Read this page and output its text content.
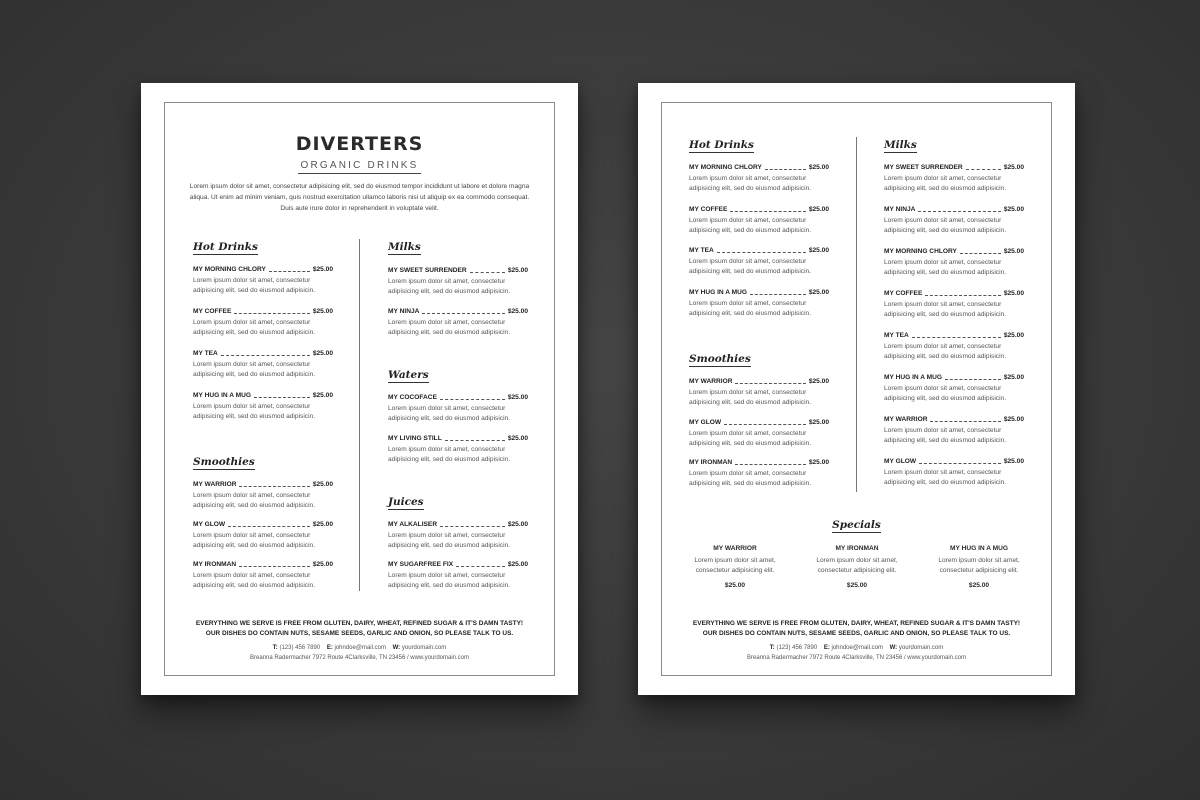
DIVERTERS
ORGANIC DRINKS
Lorem ipsum dolor sit amet, consectetur adipisicing elit, sed do eiusmod tempor incididunt ut labore et dolore magna aliqua. Ut enim ad minim veniam, quis nostrud exercitation ullamco laboris nisi ut aliquip ex ea commodo consequat. Duis aute irure dolor in reprehenderit in voluptate velit.
Hot Drinks
MY MORNING CHLORY	$25.00
Lorem ipsum dolor sit amet, consectetur adipisicing elit, sed do eiusmod adipisicin.
MY COFFEE	$25.00
Lorem ipsum dolor sit amet, consectetur adipisicing elit, sed do eiusmod adipisicin.
MY TEA	$25.00
Lorem ipsum dolor sit amet, consectetur adipisicing elit, sed do eiusmod adipisicin.
MY HUG IN A MUG	$25.00
Lorem ipsum dolor sit amet, consectetur adipisicing elit, sed do eiusmod adipisicin.
Smoothies
MY WARRIOR	$25.00
Lorem ipsum dolor sit amet, consectetur adipisicing elit, sed do eiusmod adipisicin.
MY GLOW	$25.00
Lorem ipsum dolor sit amet, consectetur adipisicing elit, sed do eiusmod adipisicin.
MY IRONMAN	$25.00
Lorem ipsum dolor sit amet, consectetur adipisicing elit, sed do eiusmod adipisicin.
Milks
MY SWEET SURRENDER	$25.00
Lorem ipsum dolor sit amet, consectetur adipisicing elit, sed do eiusmod adipisicin.
MY NINJA	$25.00
Lorem ipsum dolor sit amet, consectetur adipisicing elit, sed do eiusmod adipisicin.
Waters
MY COCOFACE	$25.00
Lorem ipsum dolor sit amet, consectetur adipisicing elit, sed do eiusmod adipisicin.
MY LIVING STILL	$25.00
Lorem ipsum dolor sit amet, consectetur adipisicing elit, sed do eiusmod adipisicin.
Juices
MY ALKALISER	$25.00
Lorem ipsum dolor sit amet, consectetur adipisicing elit, sed do eiusmod adipisicin.
MY SUGARFREE FIX	$25.00
Lorem ipsum dolor sit amet, consectetur adipisicing elit, sed do eiusmod adipisicin.
EVERYTHING WE SERVE IS FREE FROM GLUTEN, DAIRY, WHEAT, REFINED SUGAR & IT'S DAMN TASTY!
OUR DISHES DO CONTAIN NUTS, SESAME SEEDS, GARLIC AND ONION, SO PLEASE TALK TO US.
T: (123) 456 7890 E: johndoe@mail.com W: yourdomain.com
Breanna Radermacher 7972 Route 4Clarksville, TN 23456 / www.yourdomain.com
Hot Drinks
MY MORNING CHLORY	$25.00
Lorem ipsum dolor sit amet, consectetur adipisicing elit, sed do eiusmod adipisicin.
MY COFFEE	$25.00
Lorem ipsum dolor sit amet, consectetur adipisicing elit, sed do eiusmod adipisicin.
MY TEA	$25.00
Lorem ipsum dolor sit amet, consectetur adipisicing elit, sed do eiusmod adipisicin.
MY HUG IN A MUG	$25.00
Lorem ipsum dolor sit amet, consectetur adipisicing elit, sed do eiusmod adipisicin.
Smoothies
MY WARRIOR	$25.00
Lorem ipsum dolor sit amet, consectetur adipisicing elit, sed do eiusmod adipisicin.
MY GLOW	$25.00
Lorem ipsum dolor sit amet, consectetur adipisicing elit, sed do eiusmod adipisicin.
MY IRONMAN	$25.00
Lorem ipsum dolor sit amet, consectetur adipisicing elit, sed do eiusmod adipisicin.
Milks
MY SWEET SURRENDER	$25.00
Lorem ipsum dolor sit amet, consectetur adipisicing elit, sed do eiusmod adipisicin.
MY NINJA	$25.00
Lorem ipsum dolor sit amet, consectetur adipisicing elit, sed do eiusmod adipisicin.
MY MORNING CHLORY	$25.00
Lorem ipsum dolor sit amet, consectetur adipisicing elit, sed do eiusmod adipisicin.
MY COFFEE	$25.00
Lorem ipsum dolor sit amet, consectetur adipisicing elit, sed do eiusmod adipisicin.
MY TEA	$25.00
Lorem ipsum dolor sit amet, consectetur adipisicing elit, sed do eiusmod adipisicin.
MY HUG IN A MUG	$25.00
Lorem ipsum dolor sit amet, consectetur adipisicing elit, sed do eiusmod adipisicin.
MY WARRIOR	$25.00
Lorem ipsum dolor sit amet, consectetur adipisicing elit, sed do eiusmod adipisicin.
MY GLOW	$25.00
Lorem ipsum dolor sit amet, consectetur adipisicing elit, sed do eiusmod adipisicin.
Specials
MY WARRIOR
Lorem ipsum dolor sit amet, consectetur adipisicing elit.
$25.00
MY IRONMAN
Lorem ipsum dolor sit amet, consectetur adipisicing elit.
$25.00
MY HUG IN A MUG
Lorem ipsum dolor sit amet, consectetur adipisicing elit.
$25.00
EVERYTHING WE SERVE IS FREE FROM GLUTEN, DAIRY, WHEAT, REFINED SUGAR & IT'S DAMN TASTY!
OUR DISHES DO CONTAIN NUTS, SESAME SEEDS, GARLIC AND ONION, SO PLEASE TALK TO US.
T: (123) 456 7890 E: johndoe@mail.com W: yourdomain.com
Breanna Radermacher 7972 Route 4Clarksville, TN 23456 / www.yourdomain.com
